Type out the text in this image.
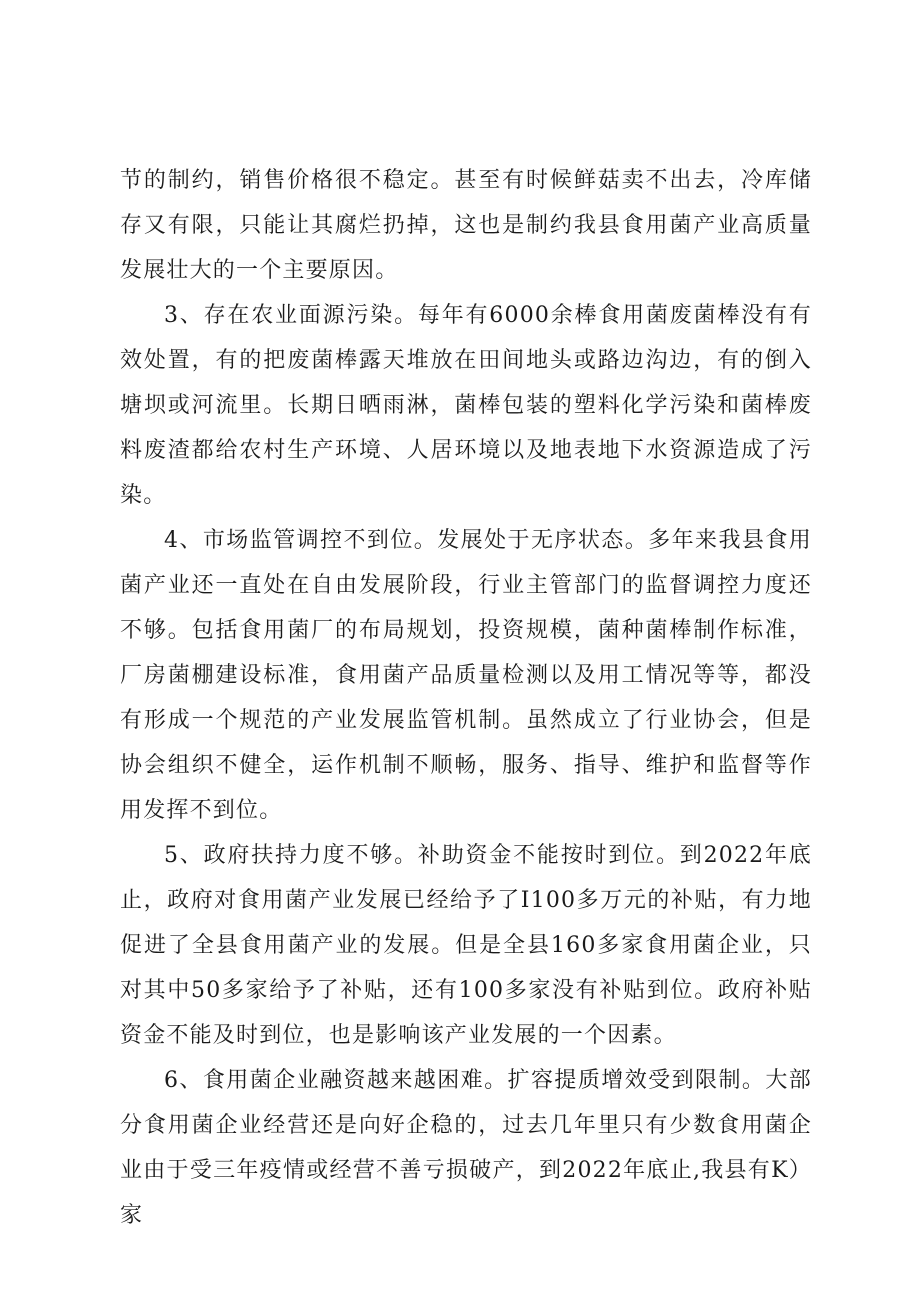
节的制约，销售价格很不稳定。甚至有时候鲜菇卖不出去，冷库储存又有限，只能让其腐烂扔掉，这也是制约我县食用菌产业高质量发展壮大的一个主要原因。

3、存在农业面源污染。每年有6000余棒食用菌废菌棒没有有效处置，有的把废菌棒露天堆放在田间地头或路边沟边，有的倒入塘坝或河流里。长期日晒雨淋，菌棒包装的塑料化学污染和菌棒废料废渣都给农村生产环境、人居环境以及地表地下水资源造成了污染。

4、市场监管调控不到位。发展处于无序状态。多年来我县食用菌产业还一直处在自由发展阶段，行业主管部门的监督调控力度还不够。包括食用菌厂的布局规划，投资规模，菌种菌棒制作标准，厂房菌棚建设标准，食用菌产品质量检测以及用工情况等等，都没有形成一个规范的产业发展监管机制。虽然成立了行业协会，但是协会组织不健全，运作机制不顺畅，服务、指导、维护和监督等作用发挥不到位。

5、政府扶持力度不够。补助资金不能按时到位。到2022年底止，政府对食用菌产业发展已经给予了I100多万元的补贴，有力地促进了全县食用菌产业的发展。但是全县160多家食用菌企业，只对其中50多家给予了补贴，还有100多家没有补贴到位。政府补贴资金不能及时到位，也是影响该产业发展的一个因素。

6、食用菌企业融资越来越困难。扩容提质增效受到限制。大部分食用菌企业经营还是向好企稳的，过去几年里只有少数食用菌企业由于受三年疫情或经营不善亏损破产，到2022年底止,我县有K）家
